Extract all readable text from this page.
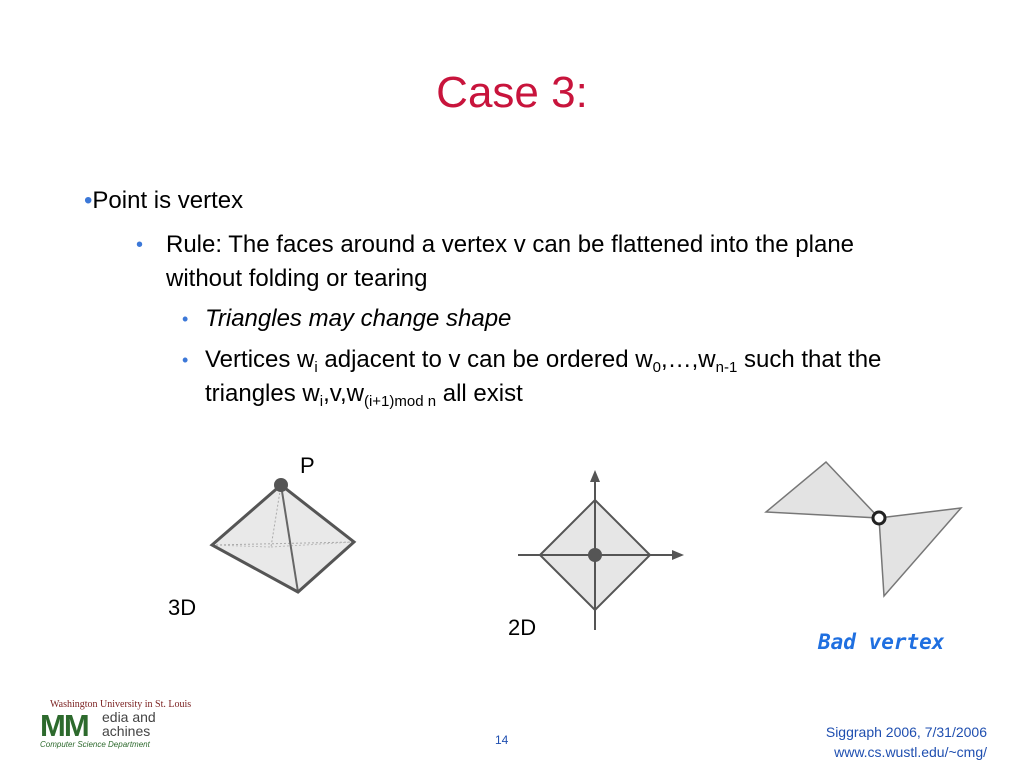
Case 3:
•Point is vertex
• Rule: The faces around a vertex v can be flattened into the plane without folding or tearing
• Triangles may change shape
• Vertices $w_i$ adjacent to v can be ordered $w_0,\dots,w_{n-1}$ such that the triangles $w_i,v,w_{(i+1)mod n}$ all exist
P
3D
2D
Bad vertex
Washington University in St. Louis
MM edia and
achines
Computer Science Department	14	Siggraph 2006, 7/31/2006
www.cs.wustl.edu/~cmg/
